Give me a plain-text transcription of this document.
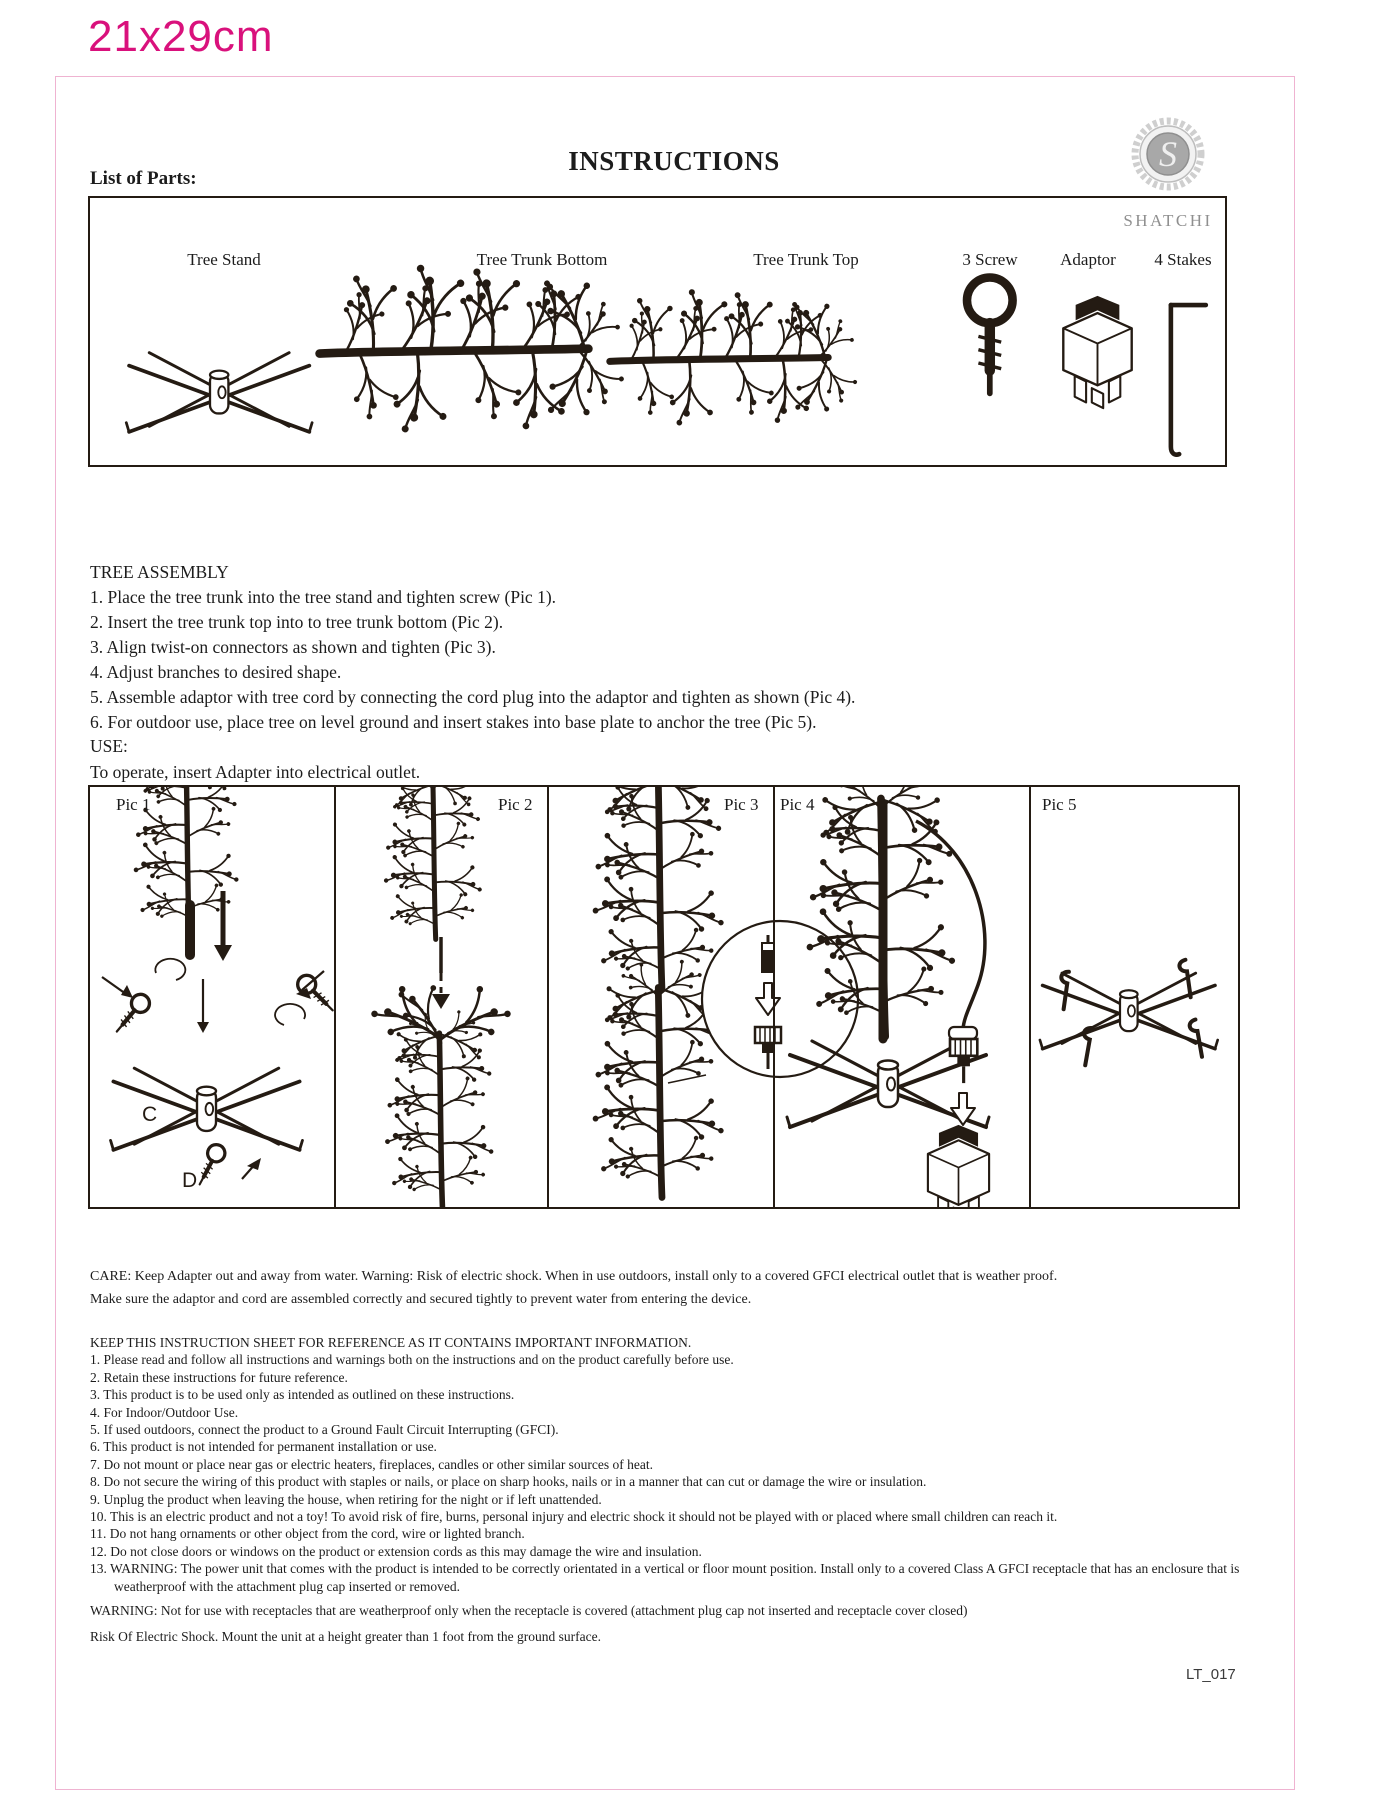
21x29cm
INSTRUCTIONS	S
SHATCHI
List of Parts:
Tree Stand	Tree Trunk Bottom	Tree Trunk Top	3 Screw	Adaptor 4 Stakes
TREE ASSEMBLY
1. Place the tree trunk into the tree stand and tighten screw (Pic 1).
2. Insert the tree trunk top into to tree trunk bottom (Pic 2).
3. Align twist-on connectors as shown and tighten (Pic 3).
4. Adjust branches to desired shape.
5. Assemble adaptor with tree cord by connecting the cord plug into the adaptor and tighten as shown (Pic 4).
6. For outdoor use, place tree on level ground and insert stakes into base plate to anchor the tree (Pic 5).
USE:
To operate, insert Adapter into electrical outlet.
Pic 1	Pic 2	Pic 3 Pic 4	Pic 5
C
D
CARE: Keep Adapter out and away from water. Warning: Risk of electric shock. When in use outdoors, install only to a covered GFCI electrical outlet that is weather proof.
Make sure the adaptor and cord are assembled correctly and secured tightly to prevent water from entering the device.
KEEP THIS INSTRUCTION SHEET FOR REFERENCE AS IT CONTAINS IMPORTANT INFORMATION.
1. Please read and follow all instructions and warnings both on the instructions and on the product carefully before use.
2. Retain these instructions for future reference.
3. This product is to be used only as intended as outlined on these instructions.
4. For Indoor/Outdoor Use.
5. If used outdoors, connect the product to a Ground Fault Circuit Interrupting (GFCI).
6. This product is not intended for permanent installation or use.
7. Do not mount or place near gas or electric heaters, fireplaces, candles or other similar sources of heat.
8. Do not secure the wiring of this product with staples or nails, or place on sharp hooks, nails or in a manner that can cut or damage the wire or insulation.
9. Unplug the product when leaving the house, when retiring for the night or if left unattended.
10. This is an electric product and not a toy! To avoid risk of fire, burns, personal injury and electric shock it should not be played with or placed where small children can reach it.
11. Do not hang ornaments or other object from the cord, wire or lighted branch.
12. Do not close doors or windows on the product or extension cords as this may damage the wire and insulation.
13. WARNING: The power unit that comes with the product is intended to be correctly orientated in a vertical or floor mount position. Install only to a covered Class A GFCI receptacle that has an enclosure that is weatherproof with the attachment plug cap inserted or removed.
WARNING: Not for use with receptacles that are weatherproof only when the receptacle is covered (attachment plug cap not inserted and receptacle cover closed)
Risk Of Electric Shock. Mount the unit at a height greater than 1 foot from the ground surface.
LT_017
